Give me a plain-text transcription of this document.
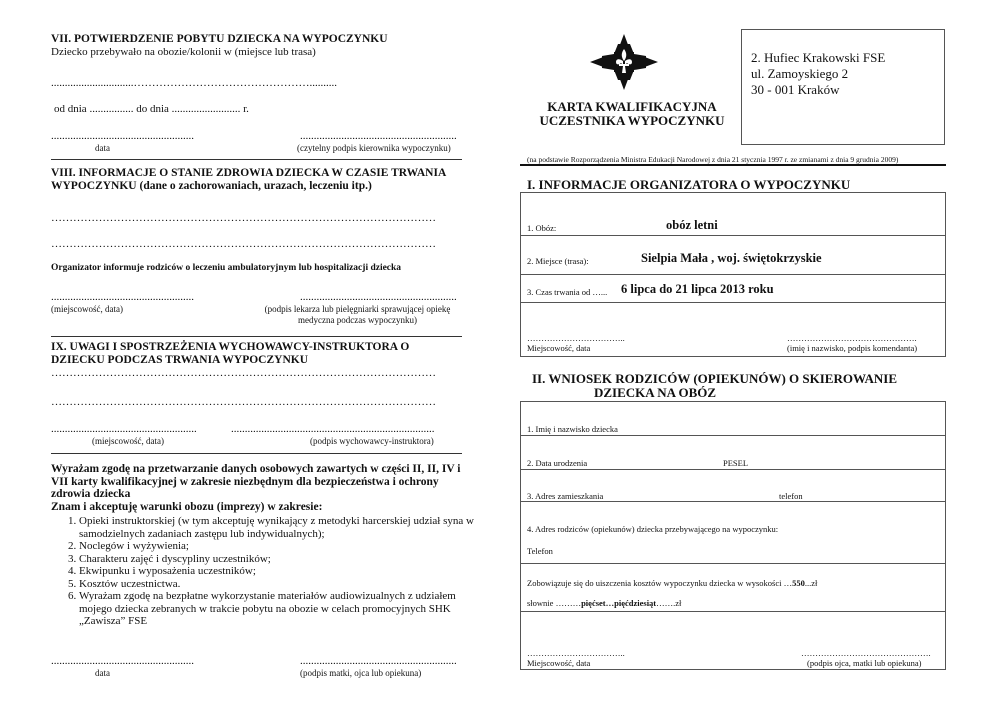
VII. POTWIERDZENIE POBYTU DZIECKA NA WYPOCZYNKU
Dziecko przebywało na obozie/kolonii w (miejsce lub trasa)
..............................…………………………………………..........
od dnia ................ do dnia ......................... r.
....................................................
data
.........................................................
(czytelny podpis kierownika wypoczynku)
VIII. INFORMACJE O STANIE ZDROWIA DZIECKA W CZASIE TRWANIA WYPOCZYNKU (dane o zachorowaniach, urazach, leczeniu itp.)
……………………………………………………………………………………………
……………………………………………………………………………………………
Organizator informuje rodziców o leczeniu ambulatoryjnym lub hospitalizacji dziecka
....................................................
(miejscowość, data)
.........................................................
(podpis lekarza lub pielęgniarki sprawującej opiekę medyczna podczas wypoczynku)
IX. UWAGI I SPOSTRZEŻENIA WYCHOWAWCY-INSTRUKTORA O DZIECKU PODCZAS TRWANIA WYPOCZYNKU
……………………………………………………………………………………………
……………………………………………………………………………………………
.....................................................
(miejscowość, data)
..........................................................................
(podpis wychowawcy-instruktora)
Wyrażam zgodę na przetwarzanie danych osobowych zawartych w części II, II, IV i VII karty kwalifikacyjnej w zakresie niezbędnym dla bezpieczeństwa i ochrony zdrowia dziecka
Znam i akceptuję warunki obozu (imprezy) w zakresie:
1. Opieki instruktorskiej (w tym akceptuję wynikający z metodyki harcerskiej udział syna w samodzielnych zadaniach zastępu lub indywidualnych);
2. Noclegów i wyżywienia;
3. Charakteru zajęć i dyscypliny uczestników;
4. Ekwipunku i wyposażenia uczestników;
5. Kosztów uczestnictwa.
6. Wyrażam zgodę na bezpłatne wykorzystanie materiałów audiowizualnych z udziałem mojego dziecka zebranych w trakcie pobytu na obozie w celach promocyjnych SHK „Zawisza” FSE
....................................................
data
.........................................................
(podpis matki, ojca lub opiekuna)
2. Hufiec Krakowski FSE
ul. Zamoyskiego 2
30 - 001 Kraków
KARTA KWALIFIKACYJNA
UCZESTNIKA WYPOCZYNKU
(na podstawie Rozporządzenia Ministra Edukacji Narodowej z dnia 21 stycznia 1997 r. ze zmianami z dnia 9 grudnia 2009)
I. INFORMACJE ORGANIZATORA O WYPOCZYNKU
1. Obóz:	obóz letni
2. Miejsce (trasa):	Sielpia Mała , woj. świętokrzyskie
3. Czas trwania od …... 6 lipca do 21 lipca 2013 roku
……………………………..
Miejscowość, data
……………………………………….
(imię i nazwisko, podpis komendanta)
II. WNIOSEK RODZICÓW (OPIEKUNÓW) O SKIEROWANIE
DZIECKA NA OBÓZ
1. Imię i nazwisko dziecka
2. Data urodzenia	PESEL
3. Adres zamieszkania	telefon
4. Adres rodziców (opiekunów) dziecka przebywającego na wypoczynku:
Telefon
Zobowiązuje się do uiszczenia kosztów wypoczynku dziecka w wysokości …550...zł
słownie ………pięćset…pięćdziesiąt…….zł
……………………………..
Miejscowość, data
……………………………………….
(podpis ojca, matki lub opiekuna)
